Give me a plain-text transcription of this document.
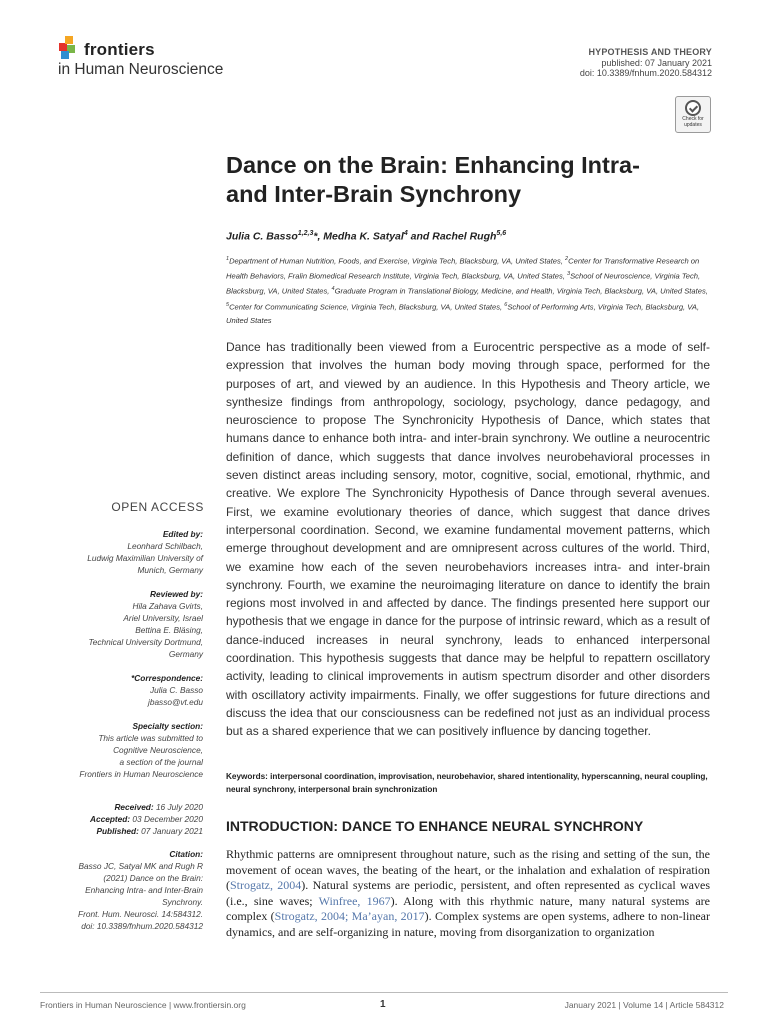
frontiers
in Human Neuroscience
HYPOTHESIS AND THEORY
published: 07 January 2021
doi: 10.3389/fnhum.2020.584312
Check for updates
Dance on the Brain: Enhancing Intra-
and Inter-Brain Synchrony
Julia C. Basso$^{1,2,3}$*, Medha K. Satyal$^4$ and Rachel Rugh$^{5,6}$
$^1$Department of Human Nutrition, Foods, and Exercise, Virginia Tech, Blacksburg, VA, United States, $^2$Center for Transformative Research on Health Behaviors, Fralin Biomedical Research Institute, Virginia Tech, Blacksburg, VA, United States, $^3$School of Neuroscience, Virginia Tech, Blacksburg, VA, United States, $^4$Graduate Program in Translational Biology, Medicine, and Health, Virginia Tech, Blacksburg, VA, United States, $^5$Center for Communicating Science, Virginia Tech, Blacksburg, VA, United States, $^6$School of Performing Arts, Virginia Tech, Blacksburg, VA, United States
Dance has traditionally been viewed from a Eurocentric perspective as a mode of self-expression that involves the human body moving through space, performed for the purposes of art, and viewed by an audience. In this Hypothesis and Theory article, we synthesize findings from anthropology, sociology, psychology, dance pedagogy, and neuroscience to propose The Synchronicity Hypothesis of Dance, which states that humans dance to enhance both intra- and inter-brain synchrony. We outline a neurocentric definition of dance, which suggests that dance involves neurobehavioral processes in seven distinct areas including sensory, motor, cognitive, social, emotional, rhythmic, and creative. We explore The Synchronicity Hypothesis of Dance through several avenues. First, we examine evolutionary theories of dance, which suggest that dance drives interpersonal coordination. Second, we examine fundamental movement patterns, which emerge throughout development and are omnipresent across cultures of the world. Third, we examine how each of the seven neurobehaviors increases intra- and inter-brain synchrony. Fourth, we examine the neuroimaging literature on dance to identify the brain regions most involved in and affected by dance. The findings presented here support our hypothesis that we engage in dance for the purpose of intrinsic reward, which as a result of dance-induced increases in neural synchrony, leads to enhanced interpersonal coordination. This hypothesis suggests that dance may be helpful to repattern oscillatory activity, leading to clinical improvements in autism spectrum disorder and other disorders with oscillatory activity impairments. Finally, we offer suggestions for future directions and discuss the idea that our consciousness can be redefined not just as an individual process but as a shared experience that we can positively influence by dancing together.
Keywords: interpersonal coordination, improvisation, neurobehavior, shared intentionality, hyperscanning, neural coupling, neural synchrony, interpersonal brain synchronization
INTRODUCTION: DANCE TO ENHANCE NEURAL SYNCHRONY
Rhythmic patterns are omnipresent throughout nature, such as the rising and setting of the sun, the movement of ocean waves, the beating of the heart, or the inhalation and exhalation of respiration (Strogatz, 2004). Natural systems are periodic, persistent, and often represented as cyclical waves (i.e., sine waves; Winfree, 1967). Along with this rhythmic nature, many natural systems are complex (Strogatz, 2004; Ma’ayan, 2017). Complex systems are open systems, adhere to non-linear dynamics, and are self-organizing in nature, moving from disorganization to organization
OPEN ACCESS
Edited by:
Leonhard Schilbach,
Ludwig Maximilian University of
Munich, Germany
Reviewed by:
Hila Zahava Gvirts,
Ariel University, Israel
Bettina E. Bläsing,
Technical University Dortmund,
Germany
*Correspondence:
Julia C. Basso
jbasso@vt.edu
Specialty section:
This article was submitted to
Cognitive Neuroscience,
a section of the journal
Frontiers in Human Neuroscience
Received: 16 July 2020
Accepted: 03 December 2020
Published: 07 January 2021
Citation:
Basso JC, Satyal MK and Rugh R
(2021) Dance on the Brain:
Enhancing Intra- and Inter-Brain
Synchrony.
Front. Hum. Neurosci. 14:584312.
doi: 10.3389/fnhum.2020.584312
Frontiers in Human Neuroscience | www.frontiersin.org	1	January 2021 | Volume 14 | Article 584312
